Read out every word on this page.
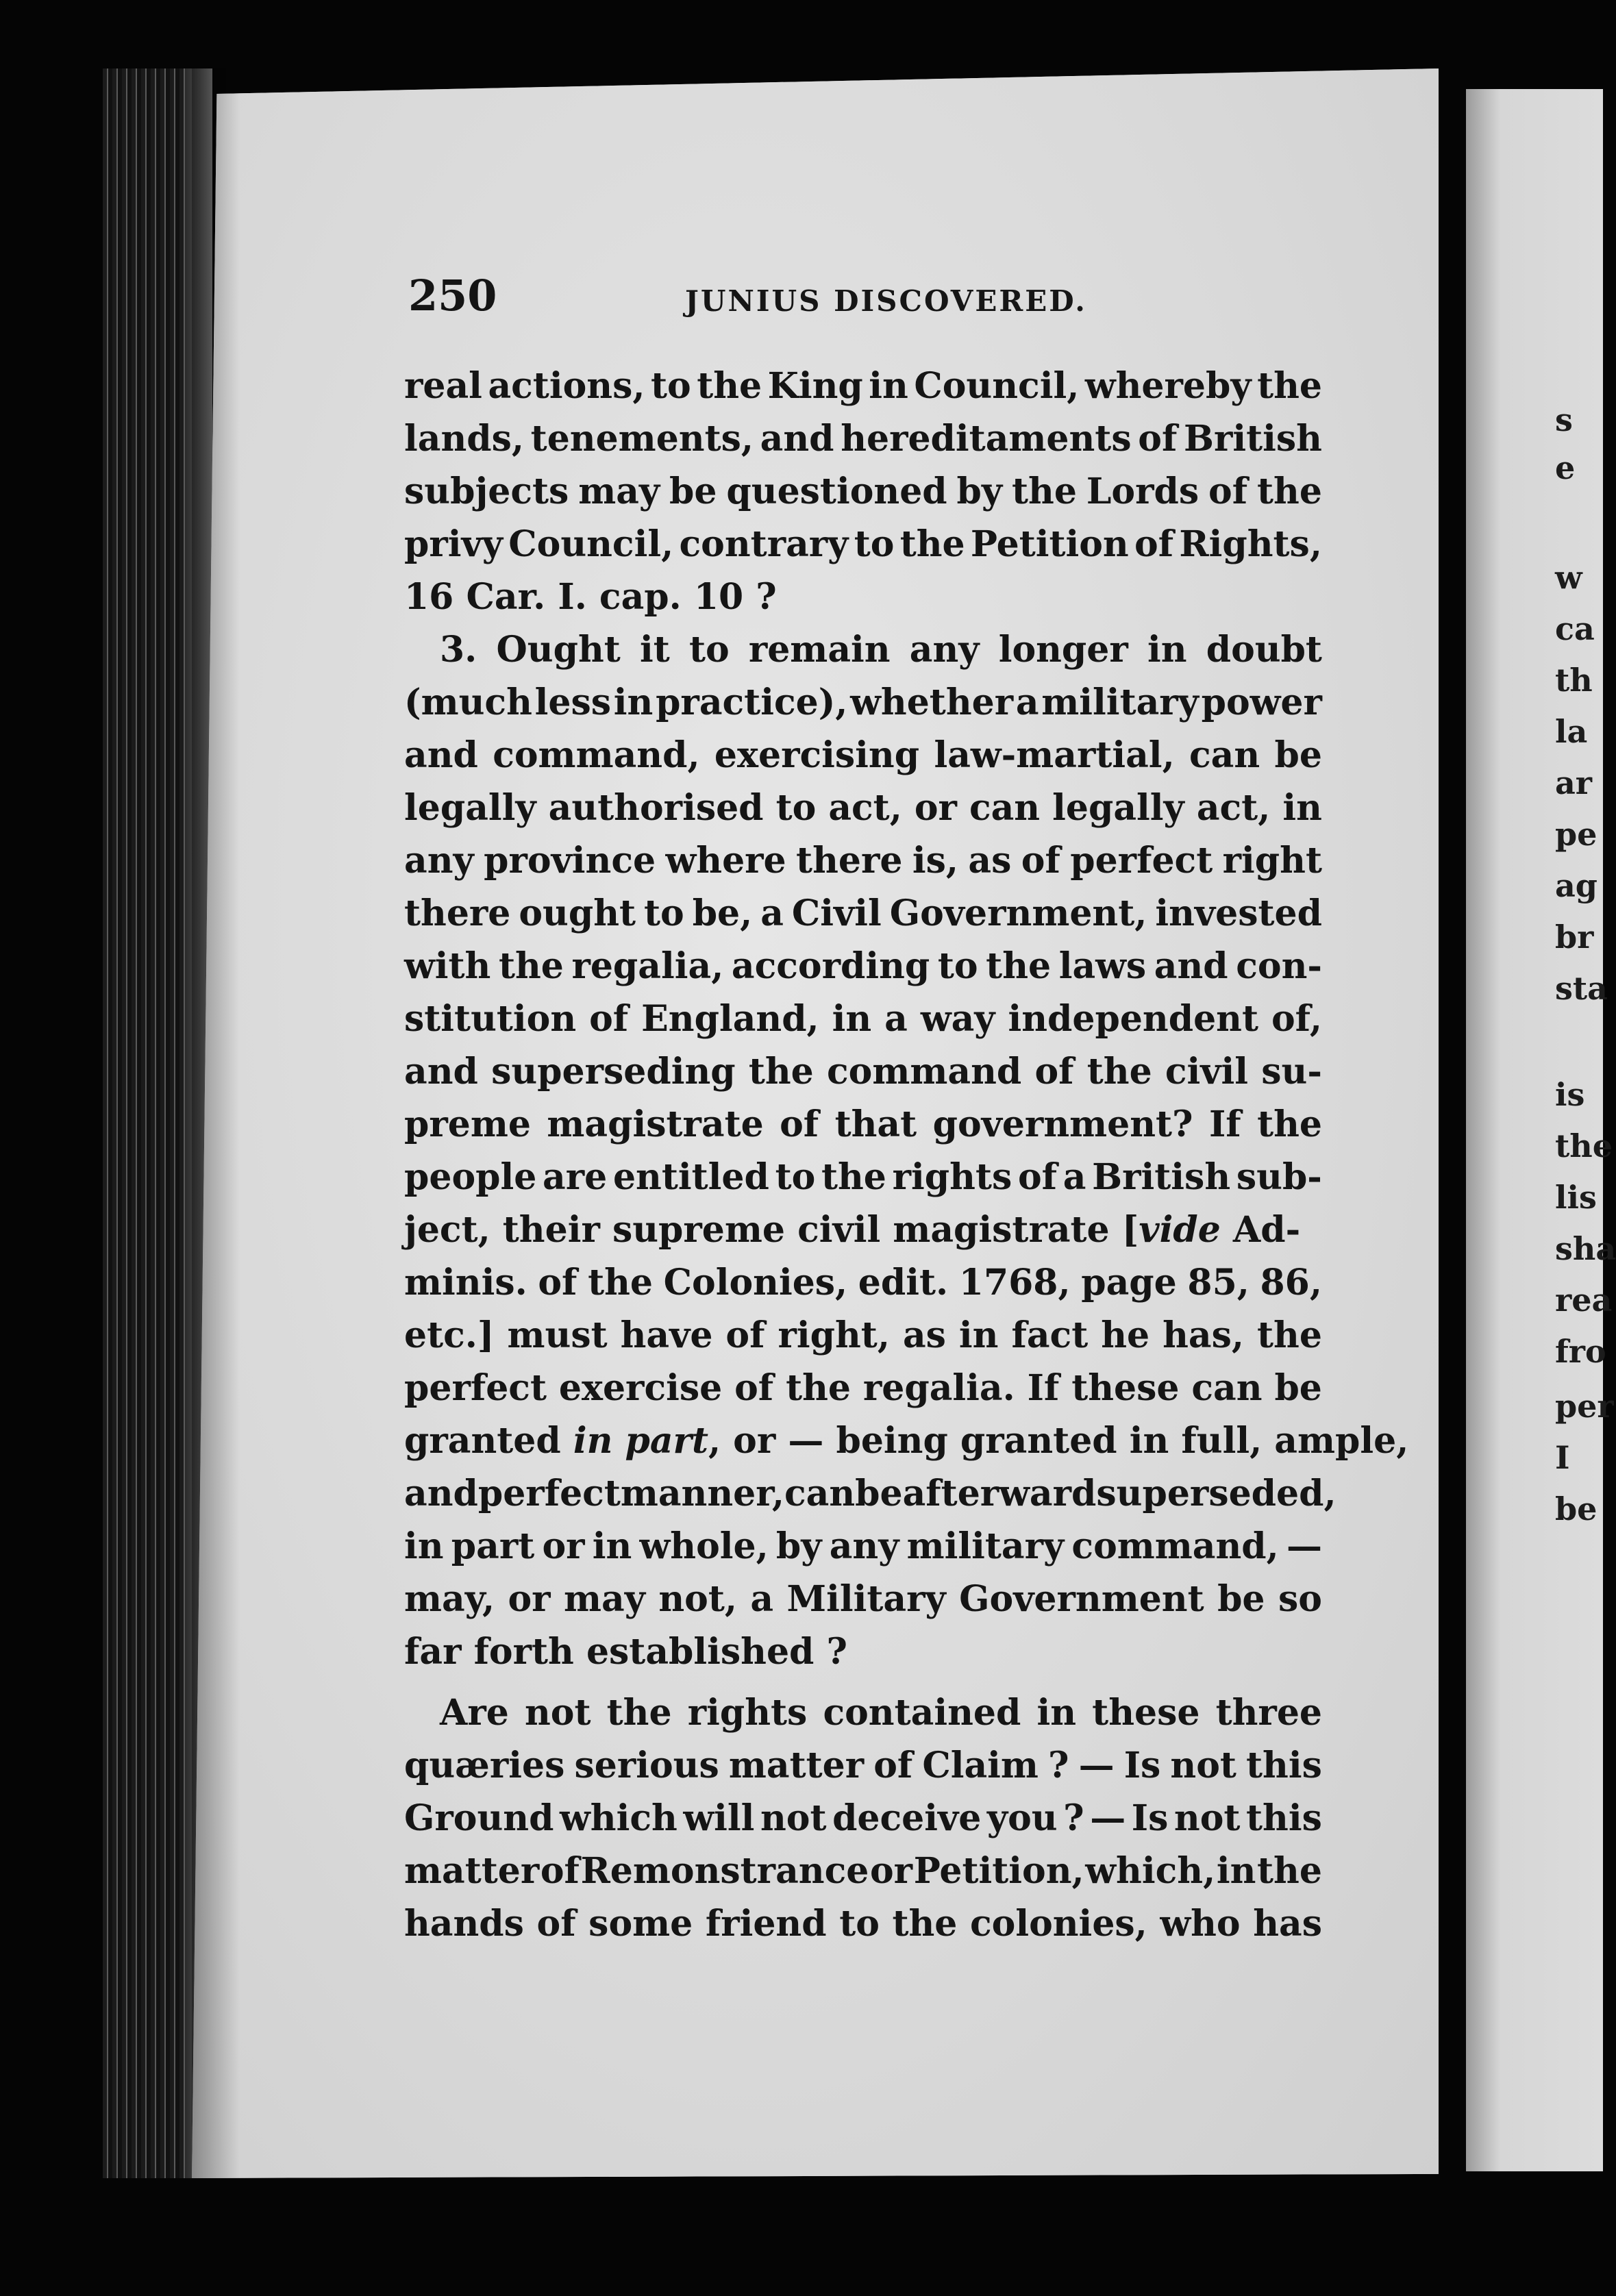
250	JUNIUS DISCOVERED.
real actions, to the King in Council, whereby the
lands, tenements, and hereditaments of British
subjects may be questioned by the Lords of the
privy Council, contrary to the Petition of Rights,
16 Car. I. cap. 10 ?
3. Ought it to remain any longer in doubt
(much less in practice), whether a military power
and command, exercising law-martial, can be
legally authorised to act, or can legally act, in
any province where there is, as of perfect right
there ought to be, a Civil Government, invested
with the regalia, according to the laws and con-
stitution of England, in a way independent of,
and superseding the command of the civil su-
preme magistrate of that government? If the
people are entitled to the rights of a British sub-
ject, their supreme civil magistrate [vide Ad-
minis. of the Colonies, edit. 1768, page 85, 86,
etc.] must have of right, as in fact he has, the
perfect exercise of the regalia. If these can be
granted in part, or — being granted in full, ample,
and perfect manner, can be afterward superseded,
in part or in whole, by any military command, —
may, or may not, a Military Government be so
far forth established ?
Are not the rights contained in these three
quæries serious matter of Claim ? — Is not this
Ground which will not deceive you ? — Is not this
matter of Remonstrance or Petition, which, in the
hands of some friend to the colonies, who has
s
e
w
ca
th
la
ar
pe
ag
br
sta
is
the
lis
sha
rea
fro
per
I
be
